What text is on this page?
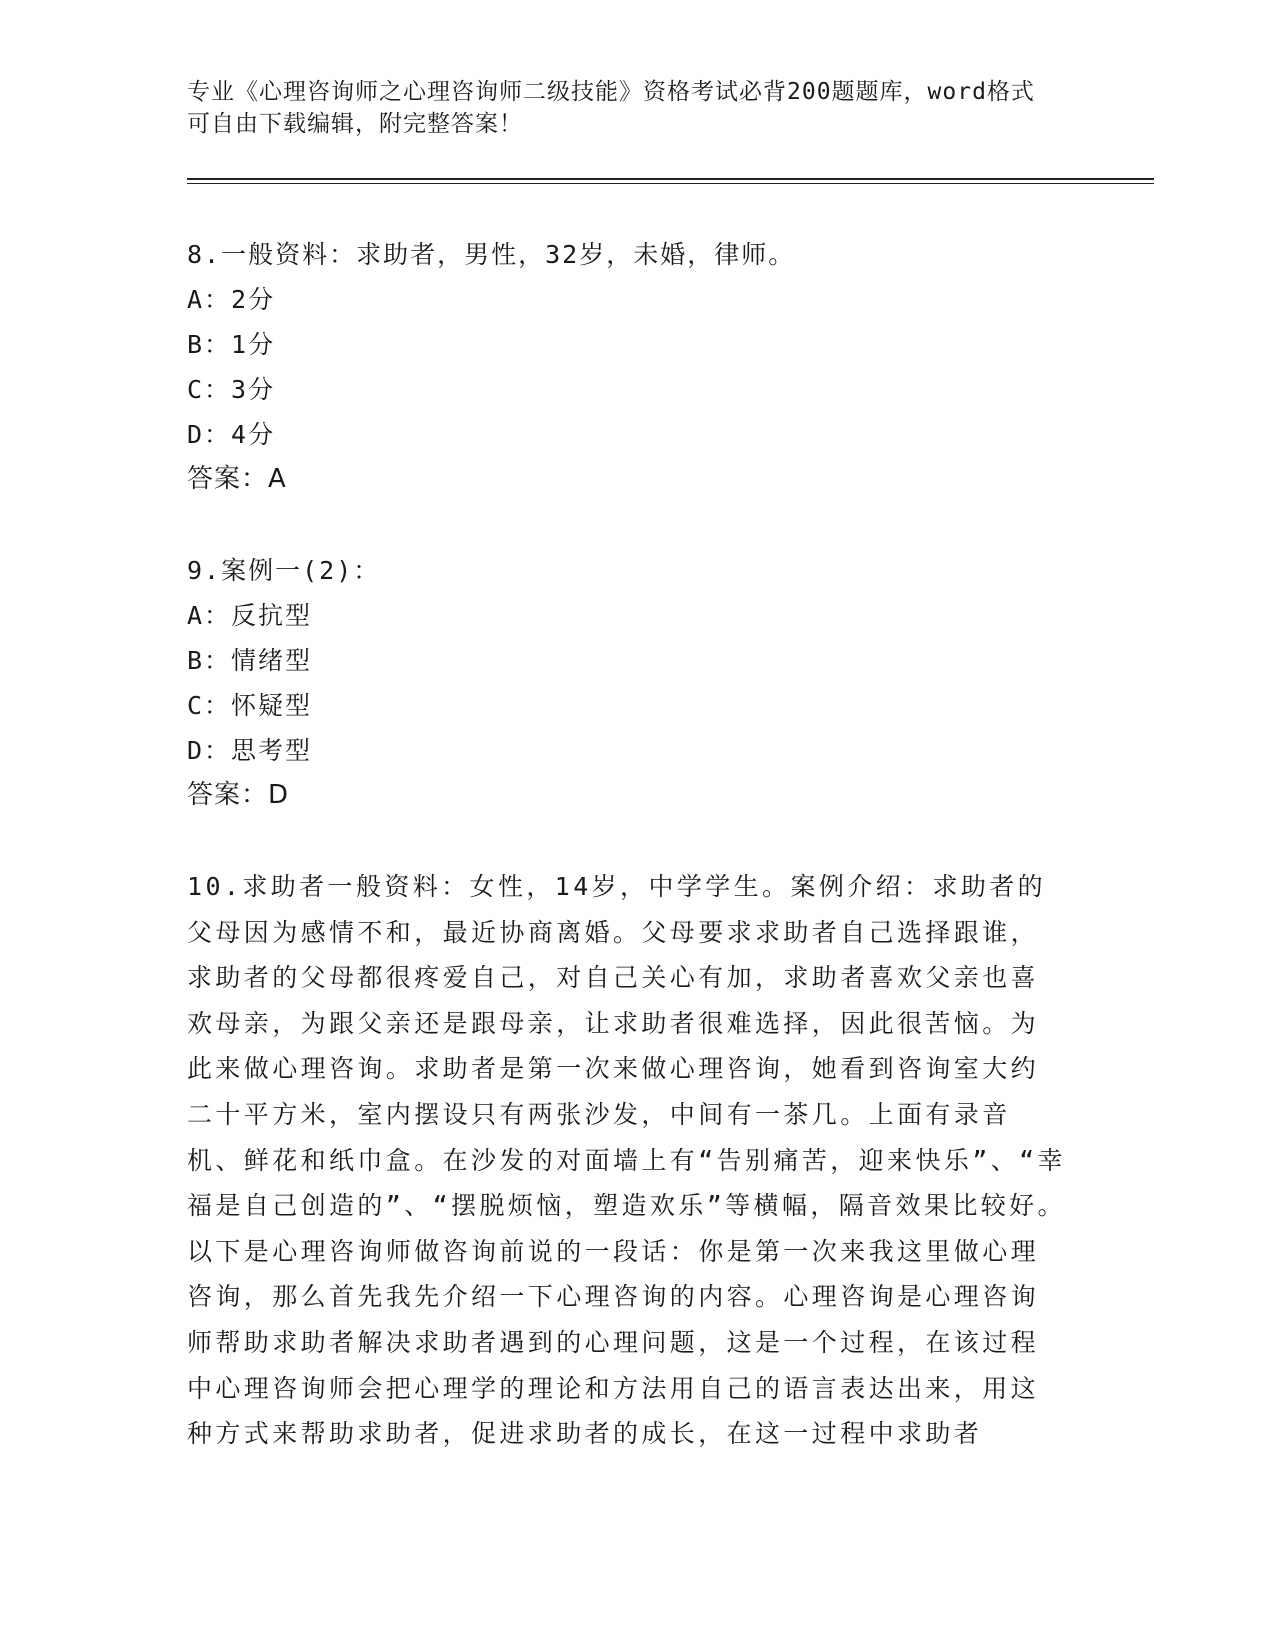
专业《心理咨询师之心理咨询师二级技能》资格考试必背200题题库，word格式
可自由下载编辑，附完整答案！
8.一般资料：求助者，男性，32岁，未婚，律师。
A：2分
B：1分
C：3分
D：4分
答案：A
9.案例一(2)：
A：反抗型
B：情绪型
C：怀疑型
D：思考型
答案：D
10.求助者一般资料：女性，14岁，中学学生。案例介绍：求助者的父母因为感情不和，最近协商离婚。父母要求求助者自己选择跟谁，求助者的父母都很疼爱自己，对自己关心有加，求助者喜欢父亲也喜欢母亲，为跟父亲还是跟母亲，让求助者很难选择，因此很苦恼。为此来做心理咨询。求助者是第一次来做心理咨询，她看到咨询室大约二十平方米，室内摆设只有两张沙发，中间有一茶几。上面有录音机、鲜花和纸巾盒。在沙发的对面墙上有“告别痛苦，迎来快乐”、“幸福是自己创造的”、“摆脱烦恼，塑造欢乐”等横幅，隔音效果比较好。以下是心理咨询师做咨询前说的一段话：你是第一次来我这里做心理咨询，那么首先我先介绍一下心理咨询的内容。心理咨询是心理咨询师帮助求助者解决求助者遇到的心理问题，这是一个过程，在该过程中心理咨询师会把心理学的理论和方法用自己的语言表达出来，用这种方式来帮助求助者，促进求助者的成长，在这一过程中求助者
